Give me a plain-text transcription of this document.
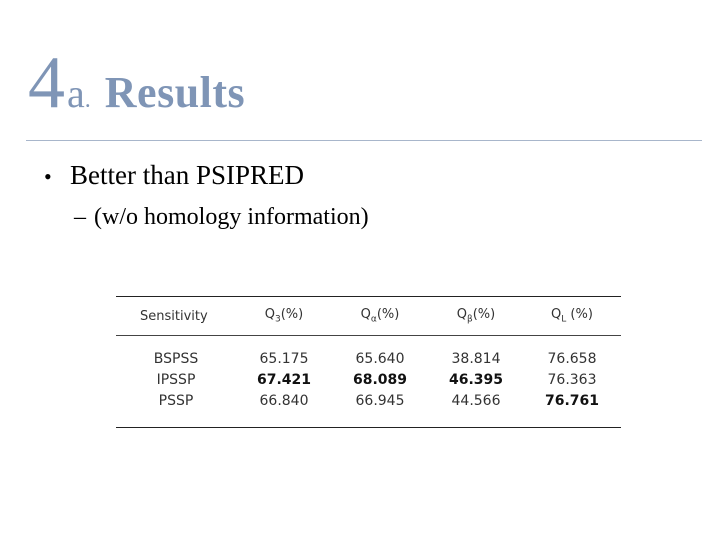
4 a . Results
• Better than PSIPRED
– (w/o homology information)
Sensitivity	$Q_3(\%)$	$Q_\alpha(\%)$	$Q_\beta(\%)$	$Q_L$ (%)
BSPSS	65.175	65.640	38.814	76.658
IPSSP	67.421	68.089	46.395	76.363
PSSP	66.840	66.945	44.566	76.761
